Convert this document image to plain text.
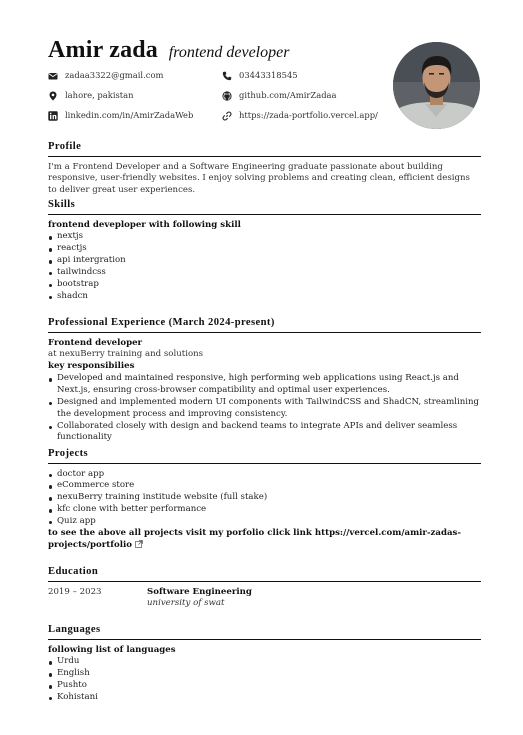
Amir zada frontend developer
zadaa3322@gmail.com	03443318545
lahore, pakistan	github.com/AmirZadaa
linkedin.com/in/AmirZadaWeb	https://zada-portfolio.vercel.app/
Profile
I'm a Frontend Developer and a Software Engineering graduate passionate about building responsive, user-friendly websites. I enjoy solving problems and creating clean, efficient designs to deliver great user experiences.
Skills
frontend deveploper with following skill
nextjs
reactjs
api intergration
tailwindcss
bootstrap
shadcn
Professional Experience (March 2024-present)
Frontend developer
at nexuBerry training and solutions
key responsibilies
Developed and maintained responsive, high performing web applications using React.js and Next.js, ensuring cross-browser compatibility and optimal user experiences.
Designed and implemented modern UI components with TailwindCSS and ShadCN, streamlining the development process and improving consistency.
Collaborated closely with design and backend teams to integrate APIs and deliver seamless functionality
Projects
doctor app
eCommerce store
nexuBerry training institude website (full stake)
kfc clone with better performance
Quiz app
to see the above all projects visit my porfolio click link https://vercel.com/amir-zadas-projects/portfolio
Education
2019 – 2023	Software Engineering
university of swat
Languages
following list of languages
Urdu
English
Pushto
Kohistani
